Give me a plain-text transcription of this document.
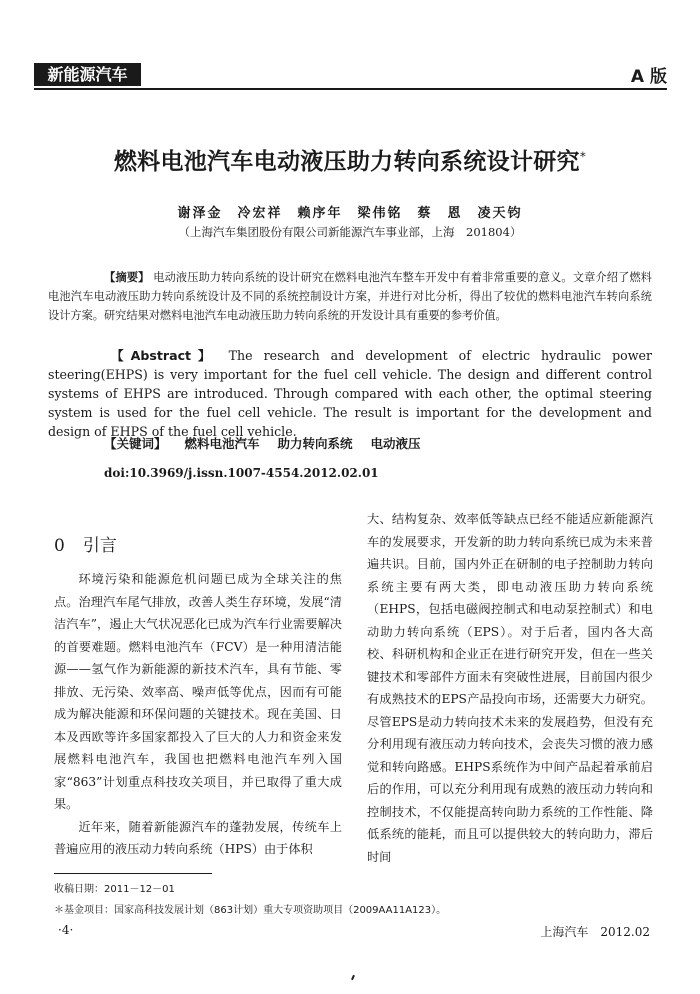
新能源汽车	A 版
燃料电池汽车电动液压助力转向系统设计研究*
谢泽金　冷宏祥　赖序年　梁伟铭　蔡　恩　凌天钧
（上海汽车集团股份有限公司新能源汽车事业部，上海　201804）
【摘要】 电动液压助力转向系统的设计研究在燃料电池汽车整车开发中有着非常重要的意义。文章介绍了燃料电池汽车电动液压助力转向系统设计及不同的系统控制设计方案，并进行对比分析，得出了较优的燃料电池汽车转向系统设计方案。研究结果对燃料电池汽车电动液压助力转向系统的开发设计具有重要的参考价值。
【Abstract】 The research and development of electric hydraulic power steering(EHPS) is very important for the fuel cell vehicle. The design and different control systems of EHPS are introduced. Through compared with each other, the optimal steering system is used for the fuel cell vehicle. The result is important for the development and design of EHPS of the fuel cell vehicle.
【关键词】 燃料电池汽车 助力转向系统 电动液压
doi:10.3969/j.issn.1007-4554.2012.02.01
0 引言

环境污染和能源危机问题已成为全球关注的焦点。治理汽车尾气排放，改善人类生存环境，发展“清洁汽车”，遏止大气状况恶化已成为汽车行业需要解决的首要难题。燃料电池汽车（FCV）是一种用清洁能源——氢气作为新能源的新技术汽车，具有节能、零排放、无污染、效率高、噪声低等优点，因而有可能成为解决能源和环保问题的关键技术。现在美国、日本及西欧等许多国家都投入了巨大的人力和资金来发展燃料电池汽车，我国也把燃料电池汽车列入国家“863”计划重点科技攻关项目，并已取得了重大成果。

近年来，随着新能源汽车的蓬勃发展，传统车上普遍应用的液压动力转向系统（HPS）由于体积

大、结构复杂、效率低等缺点已经不能适应新能源汽车的发展要求，开发新的助力转向系统已成为未来普遍共识。目前，国内外正在研制的电子控制助力转向系统主要有两大类，即电动液压助力转向系统（EHPS，包括电磁阀控制式和电动泵控制式）和电动助力转向系统（EPS）。对于后者，国内各大高校、科研机构和企业正在进行研究开发，但在一些关键技术和零部件方面未有突破性进展，目前国内很少有成熟技术的EPS产品投向市场，还需要大力研究。尽管EPS是动力转向技术未来的发展趋势，但没有充分利用现有液压动力转向技术，会丧失习惯的液力感觉和转向路感。EHPS系统作为中间产品起着承前启后的作用，可以充分利用现有成熟的液压动力转向和控制技术，不仅能提高转向助力系统的工作性能、降低系统的能耗，而且可以提供较大的转向助力，滞后时间

收稿日期：2011－12－01
＊基金项目：国家高科技发展计划（863计划）重大专项资助项目（2009AA11A123）。
·4·	上海汽车　2012.02
